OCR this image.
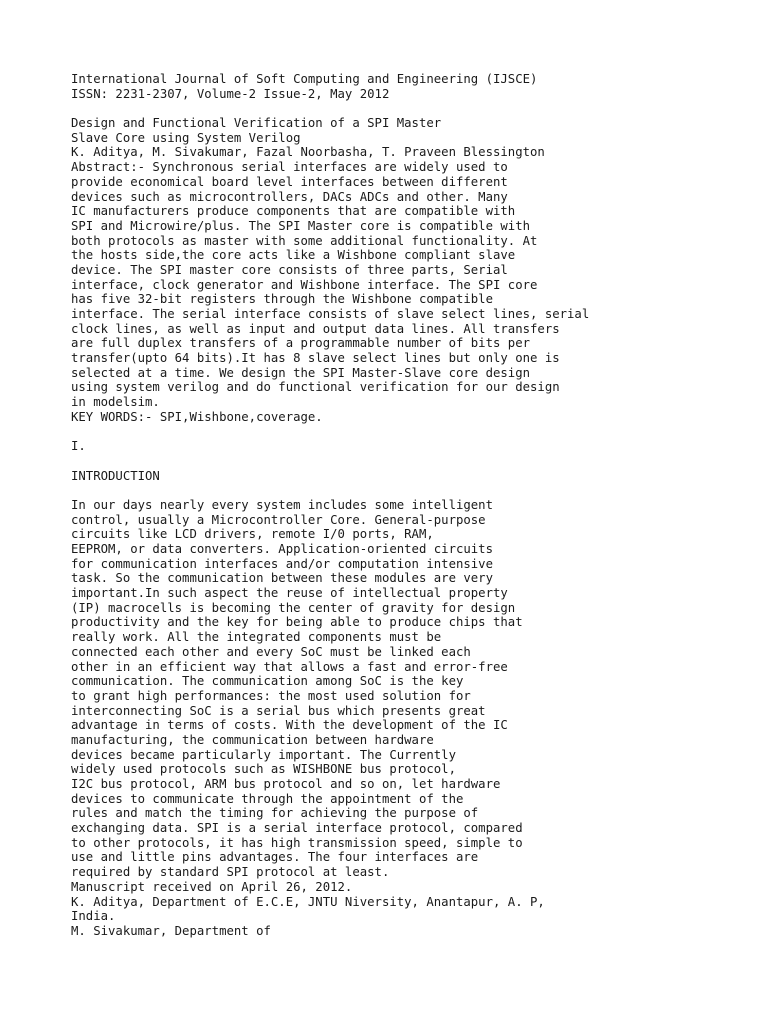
International Journal of Soft Computing and Engineering (IJSCE)
ISSN: 2231-2307, Volume-2 Issue-2, May 2012
Design and Functional Verification of a SPI Master
Slave Core using System Verilog
K. Aditya, M. Sivakumar, Fazal Noorbasha, T. Praveen Blessington
Abstract:- Synchronous serial interfaces are widely used to
provide economical board level interfaces between different
devices such as microcontrollers, DACs ADCs and other. Many
IC manufacturers produce components that are compatible with
SPI and Microwire/plus. The SPI Master core is compatible with
both protocols as master with some additional functionality. At
the hosts side,the core acts like a Wishbone compliant slave
device. The SPI master core consists of three parts, Serial
interface, clock generator and Wishbone interface. The SPI core
has five 32-bit registers through the Wishbone compatible
interface. The serial interface consists of slave select lines, serial
clock lines, as well as input and output data lines. All transfers
are full duplex transfers of a programmable number of bits per
transfer(upto 64 bits).It has 8 slave select lines but only one is
selected at a time. We design the SPI Master-Slave core design
using system verilog and do functional verification for our design
in modelsim.
KEY WORDS:- SPI,Wishbone,coverage.
I.
INTRODUCTION
In our days nearly every system includes some intelligent
control, usually a Microcontroller Core. General-purpose
circuits like LCD drivers, remote I/0 ports, RAM,
EEPROM, or data converters. Application-oriented circuits
for communication interfaces and/or computation intensive
task. So the communication between these modules are very
important.In such aspect the reuse of intellectual property
(IP) macrocells is becoming the center of gravity for design
productivity and the key for being able to produce chips that
really work. All the integrated components must be
connected each other and every SoC must be linked each
other in an efficient way that allows a fast and error-free
communication. The communication among SoC is the key
to grant high performances: the most used solution for
interconnecting SoC is a serial bus which presents great
advantage in terms of costs. With the development of the IC
manufacturing, the communication between hardware
devices became particularly important. The Currently
widely used protocols such as WISHBONE bus protocol,
I2C bus protocol, ARM bus protocol and so on, let hardware
devices to communicate through the appointment of the
rules and match the timing for achieving the purpose of
exchanging data. SPI is a serial interface protocol, compared
to other protocols, it has high transmission speed, simple to
use and little pins advantages. The four interfaces are
required by standard SPI protocol at least.
Manuscript received on April 26, 2012.
K. Aditya, Department of E.C.E, JNTU Niversity, Anantapur, A. P,
India.
M. Sivakumar, Department of
